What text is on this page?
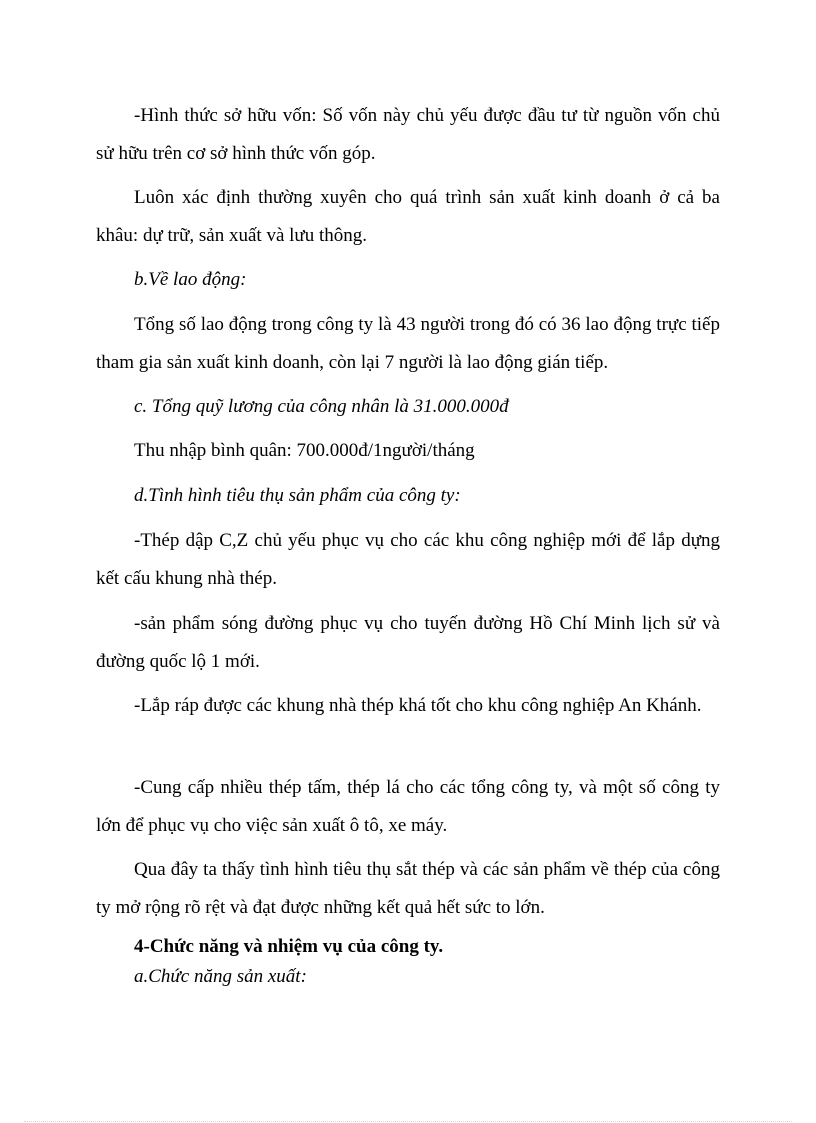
-Hình thức sở hữu vốn: Số vốn này chủ yếu được đầu tư từ nguồn vốn chủ sử hữu trên cơ sở hình thức vốn góp.

Luôn xác định thường xuyên cho quá trình sản xuất kinh doanh ở cả ba khâu: dự trữ, sản xuất và lưu thông.

b.Về lao động:

Tổng số lao động trong công ty là 43 người trong đó có 36 lao động trực tiếp tham gia sản xuất kinh doanh, còn lại 7 người là lao động gián tiếp.

c. Tổng quỹ lương của công nhân là 31.000.000đ

Thu nhập bình quân: 700.000đ/1người/tháng

d.Tình hình tiêu thụ sản phẩm của công ty:

-Thép dập C,Z chủ yếu phục vụ cho các khu công nghiệp mới để lắp dựng kết cấu khung nhà thép.

-sản phẩm sóng đường phục vụ cho tuyến đường Hồ Chí Minh lịch sử và đường quốc lộ 1 mới.

-Lắp ráp được các khung nhà thép khá tốt cho khu công nghiệp An Khánh.

-Cung cấp nhiều thép tấm, thép lá cho các tổng công ty, và một số công ty lớn để phục vụ cho việc sản xuất ô tô, xe máy.

Qua đây ta thấy tình hình tiêu thụ sắt thép và các sản phẩm về thép của công ty mở rộng rõ rệt và đạt được những kết quả hết sức to lớn.

4-Chức năng và nhiệm vụ của công ty.

a.Chức năng sản xuất:
